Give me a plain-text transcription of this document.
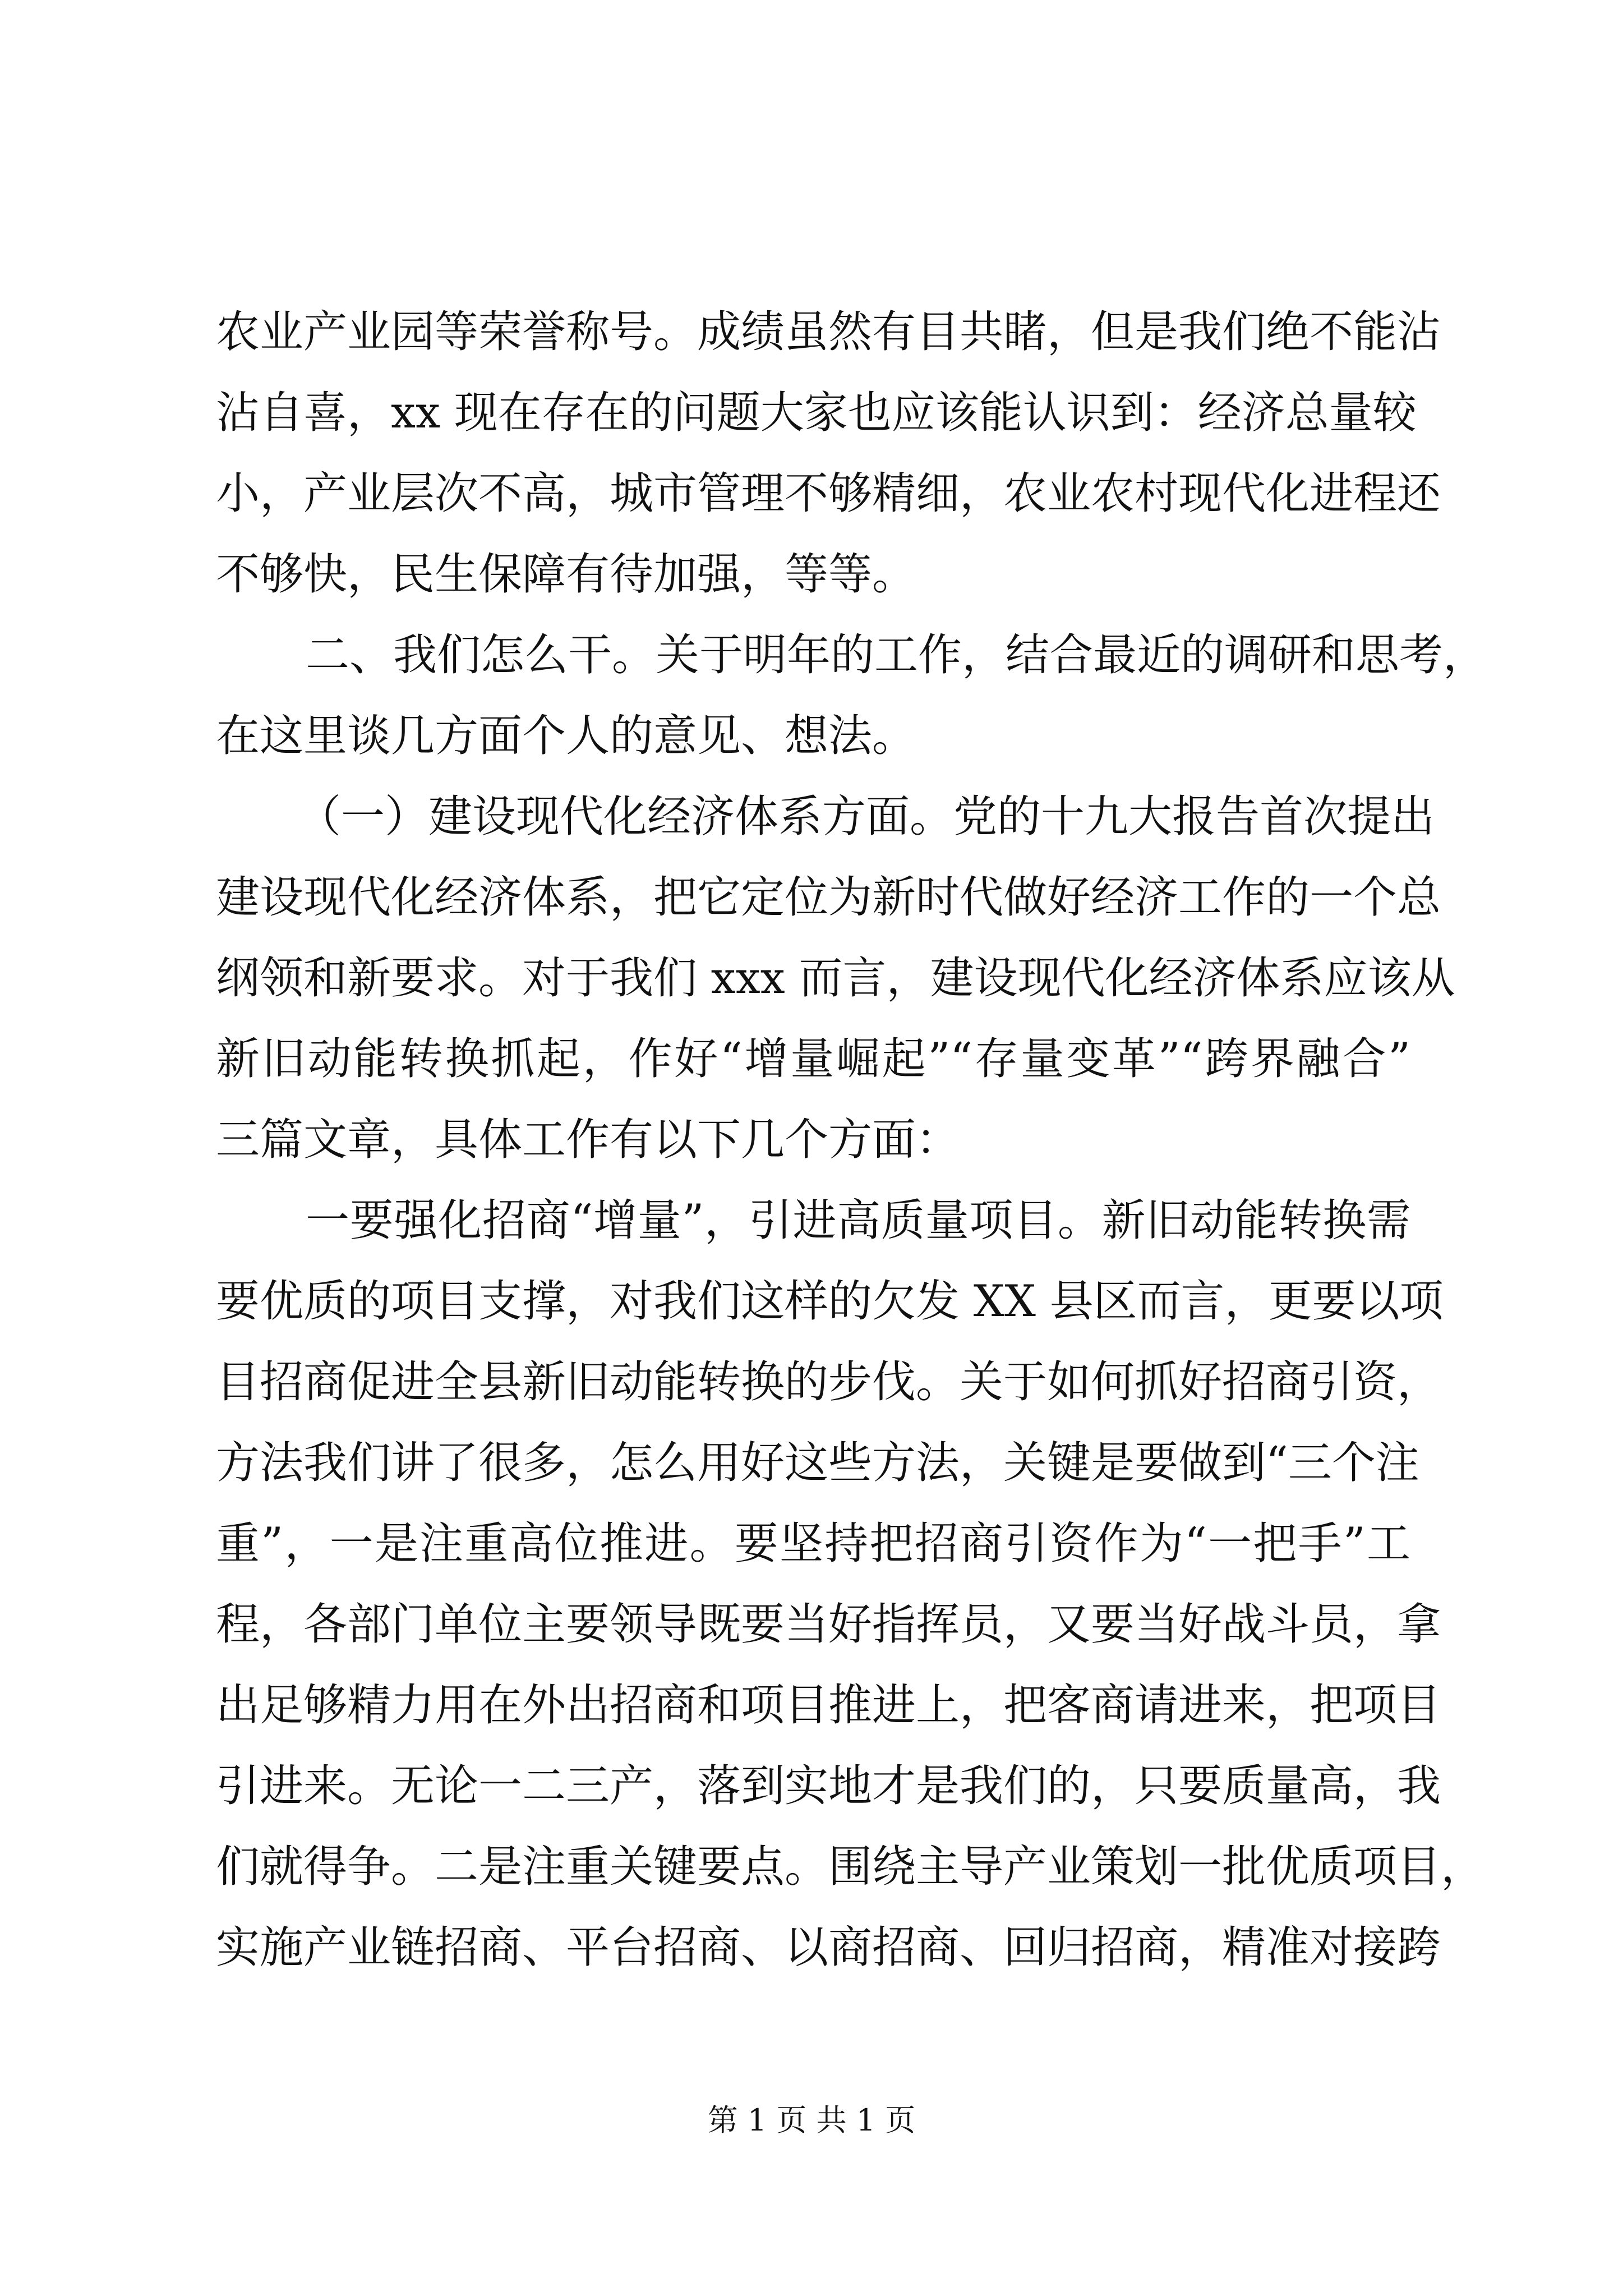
农业产业园等荣誉称号。成绩虽然有目共睹，但是我们绝不能沾
沾自喜，xx 现在存在的问题大家也应该能认识到：经济总量较
小，产业层次不高，城市管理不够精细，农业农村现代化进程还
不够快，民生保障有待加强，等等。
二、我们怎么干。关于明年的工作，结合最近的调研和思考，
在这里谈几方面个人的意见、想法。
（一）建设现代化经济体系方面。党的十九大报告首次提出
建设现代化经济体系，把它定位为新时代做好经济工作的一个总
纲领和新要求。对于我们 xxx 而言，建设现代化经济体系应该从
新旧动能转换抓起，作好“增量崛起”“存量变革”“跨界融合”
三篇文章，具体工作有以下几个方面：
一要强化招商“增量”，引进高质量项目。新旧动能转换需
要优质的项目支撑，对我们这样的欠发 XX 县区而言，更要以项
目招商促进全县新旧动能转换的步伐。关于如何抓好招商引资，
方法我们讲了很多，怎么用好这些方法，关键是要做到“三个注
重”，一是注重高位推进。要坚持把招商引资作为“一把手”工
程，各部门单位主要领导既要当好指挥员，又要当好战斗员，拿
出足够精力用在外出招商和项目推进上，把客商请进来，把项目
引进来。无论一二三产，落到实地才是我们的，只要质量高，我
们就得争。二是注重关键要点。围绕主导产业策划一批优质项目，
实施产业链招商、平台招商、以商招商、回归招商，精准对接跨
第 1 页 共 1 页
